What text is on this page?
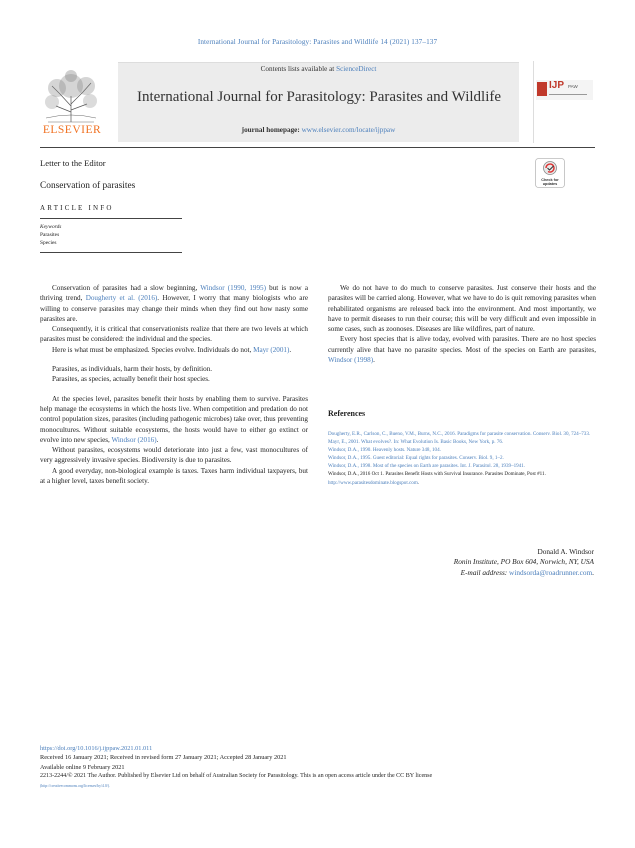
International Journal for Parasitology: Parasites and Wildlife 14 (2021) 137–137
ELSEVIER
Contents lists available at ScienceDirect
International Journal for Parasitology: Parasites and Wildlife
journal homepage: www.elsevier.com/locate/ijppaw
IJP PAW
Letter to the Editor
Conservation of parasites
Check for
updates
ARTICLE INFO
Keywords
Parasites
Species

Conservation of parasites had a slow beginning, Windsor (1990, 1995) but is now a thriving trend, Dougherty et al. (2016). However, I worry that many biologists who are willing to conserve parasites may change their minds when they find out how nasty some parasites are.

Consequently, it is critical that conservationists realize that there are two levels at which parasites must be considered: the individual and the species.

Here is what must be emphasized. Species evolve. Individuals do not, Mayr (2001).

Parasites, as individuals, harm their hosts, by definition.

Parasites, as species, actually benefit their host species.

At the species level, parasites benefit their hosts by enabling them to survive. Parasites help manage the ecosystems in which the hosts live. When competition and predation do not control population sizes, parasites (including pathogenic microbes) take over, thus preventing monocultures. Without suitable ecosystems, the hosts would have to either go extinct or evolve into new species, Windsor (2016).

Without parasites, ecosystems would deteriorate into just a few, vast monocultures of very aggressively invasive species. Biodiversity is due to parasites.

A good everyday, non-biological example is taxes. Taxes harm individual taxpayers, but at a higher level, taxes benefit society.

We do not have to do much to conserve parasites. Just conserve their hosts and the parasites will be carried along. However, what we have to do is quit removing parasites when rehabilitated organisms are released back into the environment. And most importantly, we have to permit diseases to run their course; this will be very difficult and even impossible in some cases, such as zoonoses. Diseases are like wildfires, part of nature.

Every host species that is alive today, evolved with parasites. There are no host species currently alive that have no parasite species. Most of the species on Earth are parasites, Windsor (1998).

References
Dougherty, E.R., Carlson, C., Bueno, V.M., Burns, N.C., 2016. Paradigms for parasite conservation. Conserv. Biol. 30, 724–733.
Mayr, E., 2001. What evolves?. In: What Evolution Is. Basic Books, New York, p. 76.
Windsor, D.A., 1990. Heavenly hosts. Nature 348, 104.
Windsor, D.A., 1995. Guest editorial: Equal rights for parasites. Conserv. Biol. 9, 1–2.
Windsor, D.A., 1998. Most of the species on Earth are parasites. Int. J. Parasitol. 28, 1939–1941.
Windsor, D.A., 2016 Oct 1. Parasites Benefit Hosts with Survival Insurance. Parasites Dominate, Post #11. http://www.parasitesdominate.blogspot.com.
Donald A. Windsor
Ronin Institute, PO Box 604, Norwich, NY, USA
E-mail address: windsorda@roadrunner.com.
https://doi.org/10.1016/j.ijppaw.2021.01.011
Received 16 January 2021; Received in revised form 27 January 2021; Accepted 28 January 2021
Available online 9 February 2021
2213-2244/© 2021 The Author. Published by Elsevier Ltd on behalf of Australian Society for Parasitology. This is an open access article under the CC BY license
(http://creativecommons.org/licenses/by/4.0/).
